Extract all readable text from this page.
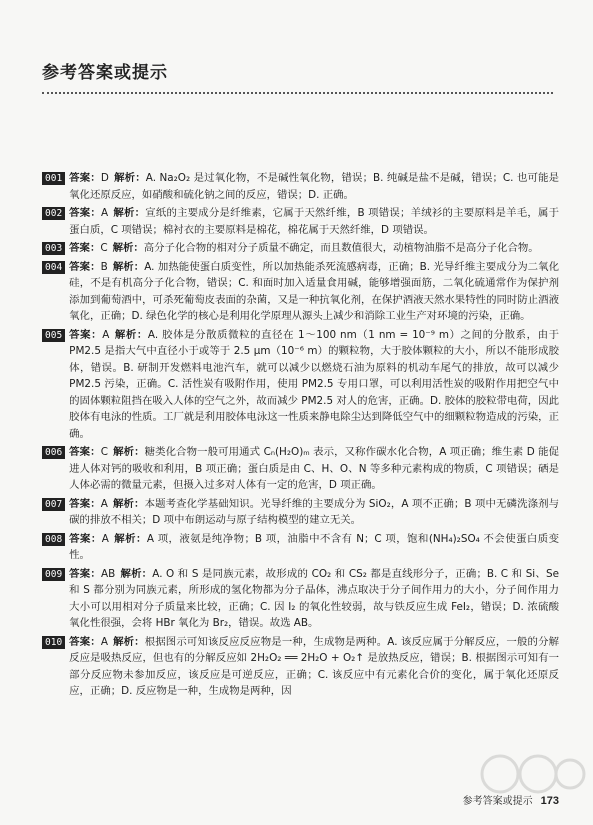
参考答案或提示
001 答案：D 解析：A. Na₂O₂ 是过氧化物，不是碱性氧化物，错误；B. 纯碱是盐不是碱，错误；C. 也可能是氧化还原反应，如硝酸和硫化钠之间的反应，错误；D. 正确。
002 答案：A 解析：宣纸的主要成分是纤维素，它属于天然纤维，B 项错误；羊绒衫的主要原料是羊毛，属于蛋白质，C 项错误；棉衬衣的主要原料是棉花，棉花属于天然纤维，D 项错误。
003 答案：C 解析：高分子化合物的相对分子质量不确定，而且数值很大，动植物油脂不是高分子化合物。
004 答案：B 解析：A. 加热能使蛋白质变性，所以加热能杀死流感病毒，正确；B. 光导纤维主要成分为二氧化硅，不是有机高分子化合物，错误；C. 和面时加入适量食用碱，能够增强面筋，二氧化硫通常作为保护剂添加到葡萄酒中，可杀死葡萄皮表面的杂菌，又是一种抗氧化剂，在保护酒液天然水果特性的同时防止酒液氧化，正确；D. 绿色化学的核心是利用化学原理从源头上减少和消除工业生产对环境的污染，正确。
005 答案：A 解析：A. 胶体是分散质微粒的直径在 1～100 nm（1 nm = 10⁻⁹ m）之间的分散系，由于 PM2.5 是指大气中直径小于或等于 2.5 μm（10⁻⁶ m）的颗粒物，大于胶体颗粒的大小，所以不能形成胶体，错误。B. 研制开发燃料电池汽车，就可以减少以燃烧石油为原料的机动车尾气的排放，故可以减少 PM2.5 污染，正确。C. 活性炭有吸附作用，使用 PM2.5 专用口罩，可以利用活性炭的吸附作用把空气中的固体颗粒阻挡在吸入人体的空气之外，故而减少 PM2.5 对人的危害，正确。D. 胶体的胶粒带电荷，因此胶体有电泳的性质。工厂就是利用胶体电泳这一性质来静电除尘达到降低空气中的细颗粒物造成的污染，正确。
006 答案：C 解析：糖类化合物一般可用通式 Cₙ(H₂O)ₘ 表示，又称作碳水化合物，A 项正确；维生素 D 能促进人体对钙的吸收和利用，B 项正确；蛋白质是由 C、H、O、N 等多种元素构成的物质，C 项错误；硒是人体必需的微量元素，但摄入过多对人体有一定的危害，D 项正确。
007 答案：A 解析：本题考查化学基础知识。光导纤维的主要成分为 SiO₂，A 项不正确；B 项中无磷洗涤剂与碳的排放不相关；D 项中布朗运动与原子结构模型的建立无关。
008 答案：A 解析：A 项，液氨是纯净物；B 项，油脂中不含有 N；C 项，饱和(NH₄)₂SO₄ 不会使蛋白质变性。
009 答案：AB 解析：A. O 和 S 是同族元素，故形成的 CO₂ 和 CS₂ 都是直线形分子，正确；B. C 和 Si、Se 和 S 都分别为同族元素，所形成的氢化物都为分子晶体，沸点取决于分子间作用力的大小，分子间作用力大小可以用相对分子质量来比较，正确；C. 因 I₂ 的氧化性较弱，故与铁反应生成 FeI₂，错误；D. 浓硫酸氧化性很强，会将 HBr 氧化为 Br₂，错误。故选 AB。
010 答案：A 解析：根据图示可知该反应反应物是一种，生成物是两种。A. 该反应属于分解反应，一般的分解反应是吸热反应，但也有的分解反应如 2H₂O₂ ══ 2H₂O + O₂↑ 是放热反应，错误；B. 根据图示可知有一部分反应物未参加反应，该反应是可逆反应，正确；C. 该反应中有元素化合价的变化，属于氧化还原反应，正确；D. 反应物是一种，生成物是两种，因
参考答案或提示 173
